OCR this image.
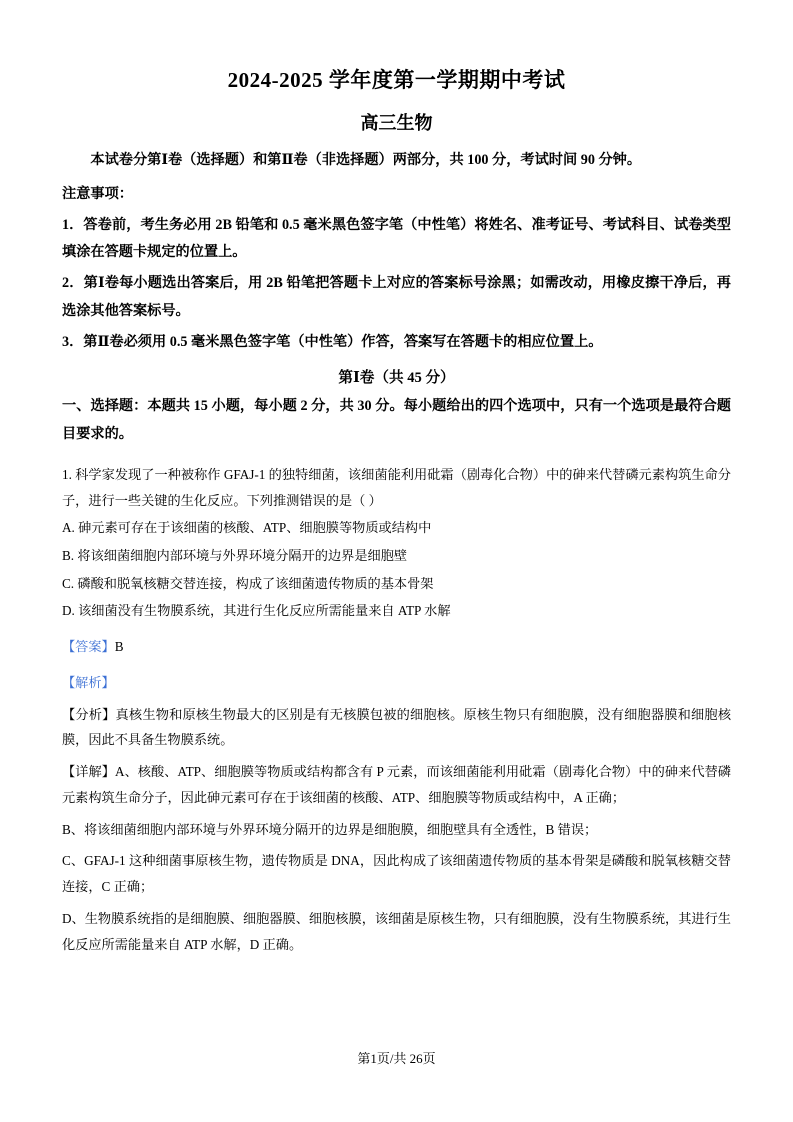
2024-2025 学年度第一学期期中考试
高三生物

本试卷分第Ⅰ卷（选择题）和第Ⅱ卷（非选择题）两部分，共 100 分，考试时间 90 分钟。

注意事项：

1．答卷前，考生务必用 2B 铅笔和 0.5 毫米黑色签字笔（中性笔）将姓名、准考证号、考试科目、试卷类型填涂在答题卡规定的位置上。

2．第Ⅰ卷每小题选出答案后，用 2B 铅笔把答题卡上对应的答案标号涂黑；如需改动，用橡皮擦干净后，再选涂其他答案标号。

3．第Ⅱ卷必须用 0.5 毫米黑色签字笔（中性笔）作答，答案写在答题卡的相应位置上。

第Ⅰ卷（共 45 分）

一、选择题：本题共 15 小题，每小题 2 分，共 30 分。每小题给出的四个选项中，只有一个选项是最符合题目要求的。

1. 科学家发现了一种被称作 GFAJ-1 的独特细菌，该细菌能利用砒霜（剧毒化合物）中的砷来代替磷元素构筑生命分子，进行一些关键的生化反应。下列推测错误的是（ ）

A. 砷元素可存在于该细菌的核酸、ATP、细胞膜等物质或结构中

B. 将该细菌细胞内部环境与外界环境分隔开的边界是细胞壁

C. 磷酸和脱氧核糖交替连接，构成了该细菌遗传物质的基本骨架

D. 该细菌没有生物膜系统，其进行生化反应所需能量来自 ATP 水解

【答案】B

【解析】

【分析】真核生物和原核生物最大的区别是有无核膜包被的细胞核。原核生物只有细胞膜，没有细胞器膜和细胞核膜，因此不具备生物膜系统。

【详解】A、核酸、ATP、细胞膜等物质或结构都含有 P 元素，而该细菌能利用砒霜（剧毒化合物）中的砷来代替磷元素构筑生命分子，因此砷元素可存在于该细菌的核酸、ATP、细胞膜等物质或结构中，A 正确；

B、将该细菌细胞内部环境与外界环境分隔开的边界是细胞膜，细胞壁具有全透性，B 错误；

C、GFAJ-1 这种细菌事原核生物，遗传物质是 DNA，因此构成了该细菌遗传物质的基本骨架是磷酸和脱氧核糖交替连接，C 正确；

D、生物膜系统指的是细胞膜、细胞器膜、细胞核膜，该细菌是原核生物，只有细胞膜，没有生物膜系统，其进行生化反应所需能量来自 ATP 水解，D 正确。

第1页/共 26页
